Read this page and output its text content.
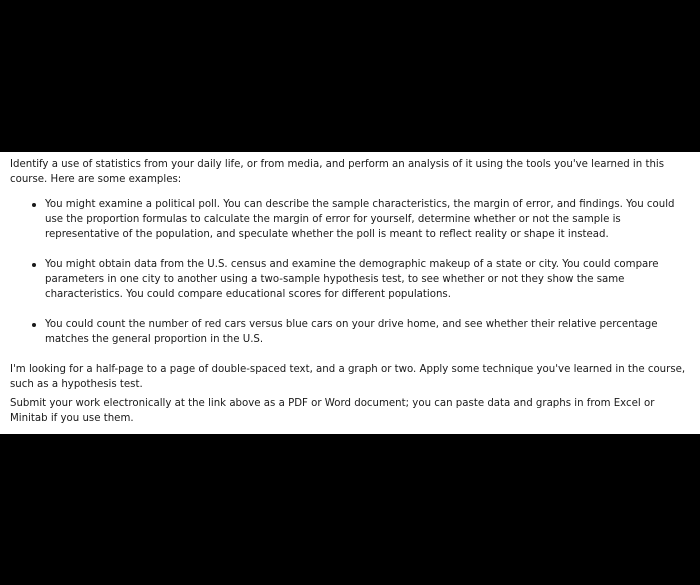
Identify a use of statistics from your daily life, or from media, and perform an analysis of it using the tools you've learned in this course. Here are some examples:

You might examine a political poll. You can describe the sample characteristics, the margin of error, and findings. You could use the proportion formulas to calculate the margin of error for yourself, determine whether or not the sample is representative of the population, and speculate whether the poll is meant to reflect reality or shape it instead.
You might obtain data from the U.S. census and examine the demographic makeup of a state or city. You could compare parameters in one city to another using a two-sample hypothesis test, to see whether or not they show the same characteristics. You could compare educational scores for different populations.
You could count the number of red cars versus blue cars on your drive home, and see whether their relative percentage matches the general proportion in the U.S.

I'm looking for a half-page to a page of double-spaced text, and a graph or two. Apply some technique you've learned in the course, such as a hypothesis test.

Submit your work electronically at the link above as a PDF or Word document; you can paste data and graphs in from Excel or Minitab if you use them.
